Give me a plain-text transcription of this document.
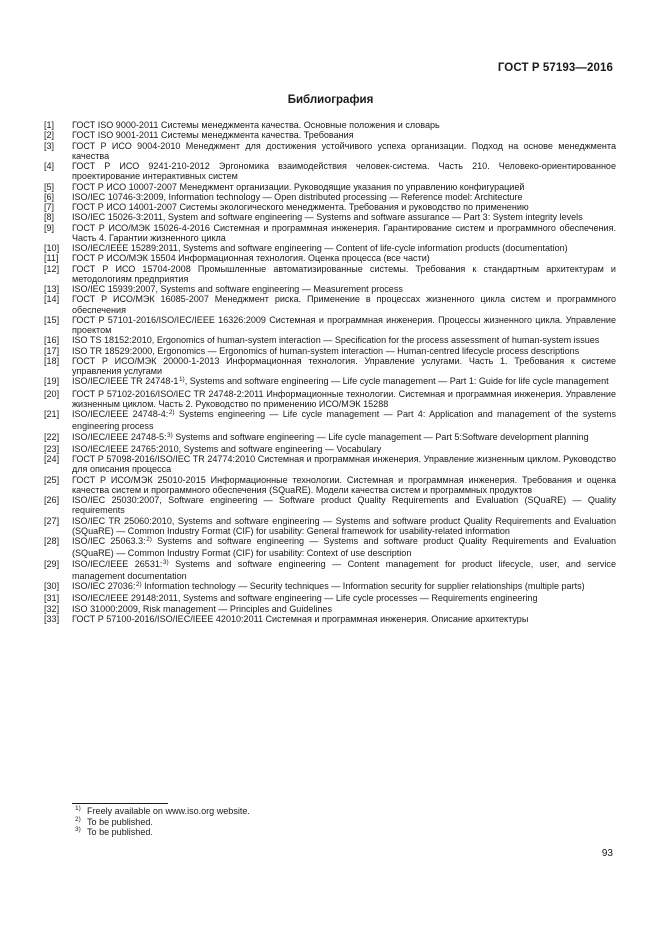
ГОСТ Р 57193—2016
Библиография
[1]	ГОСТ ISO 9000-2011 Системы менеджмента качества. Основные положения и словарь
[2]	ГОСТ ISO 9001-2011 Системы менеджмента качества. Требования
[3]	ГОСТ Р ИСО 9004-2010 Менеджмент для достижения устойчивого успеха организации. Подход на основе менеджмента качества
[4]	ГОСТ Р ИСО 9241-210-2012 Эргономика взаимодействия человек-система. Часть 210. Человеко-ориентированное проектирование интерактивных систем
[5]	ГОСТ Р ИСО 10007-2007 Менеджмент организации. Руководящие указания по управлению конфигурацией
[6]	ISO/IEC 10746-3:2009, Information technology — Open distributed processing — Reference model: Architecture
[7]	ГОСТ Р ИСО 14001-2007 Системы экологического менеджмента. Требования и руководство по применению
[8]	ISO/IEC 15026-3:2011, System and software engineering — Systems and software assurance — Part 3: System integrity levels
[9]	ГОСТ Р ИСО/МЭК 15026-4-2016 Системная и программная инженерия. Гарантирование систем и программного обеспечения. Часть 4. Гарантии жизненного цикла
[10]	ISO/IEC/IEEE 15289:2011, Systems and software engineering — Content of life-cycle information products (documentation)
[11]	ГОСТ Р ИСО/МЭК 15504 Информационная технология. Оценка процесса (все части)
[12]	ГОСТ Р ИСО 15704-2008 Промышленные автоматизированные системы. Требования к стандартным архитектурам и методологиям предприятия
[13]	ISO/IEC 15939:2007, Systems and software engineering — Measurement process
[14]	ГОСТ Р ИСО/МЭК 16085-2007 Менеджмент риска. Применение в процессах жизненного цикла систем и программного обеспечения
[15]	ГОСТ Р 57101-2016/ISO/IEC/IEEE 16326:2009 Системная и программная инженерия. Процессы жизненного цикла. Управление проектом
[16]	ISO TS 18152:2010, Ergonomics of human-system interaction — Specification for the process assessment of human-system issues
[17]	ISO TR 18529:2000, Ergonomics — Ergonomics of human-system interaction — Human-centred lifecycle process descriptions
[18]	ГОСТ Р ИСО/МЭК 20000-1-2013 Информационная технология. Управление услугами. Часть 1. Требования к системе управления услугами
[19]	ISO/IEC/IEEE TR 24748-1$^{1)}$, Systems and software engineering — Life cycle management — Part 1: Guide for life cycle management
[20]	ГОСТ Р 57102-2016/ISO/IEC TR 24748-2:2011 Информационные технологии. Системная и программная инженерия. Управление жизненным циклом. Часть 2. Руководство по применению ИСО/МЭК 15288
[21]	ISO/IEC/IEEE 24748-4:$^{2)}$ Systems engineering — Life cycle management — Part 4: Application and management of the systems engineering process
[22]	ISO/IEC/IEEE 24748-5:$^{3)}$ Systems and software engineering — Life cycle management — Part 5:Software development planning
[23]	ISO/IEC/IEEE 24765:2010, Systems and software engineering — Vocabulary
[24]	ГОСТ Р 57098-2016/ISO/IEC TR 24774:2010 Системная и программная инженерия. Управление жизненным циклом. Руководство для описания процесса
[25]	ГОСТ Р ИСО/МЭК 25010-2015 Информационные технологии. Системная и программная инженерия. Требования и оценка качества систем и программного обеспечения (SQuaRE). Модели качества систем и программных продуктов
[26]	ISO/IEC 25030:2007, Software engineering — Software product Quality Requirements and Evaluation (SQuaRE) — Quality requirements
[27]	ISO/IEC TR 25060:2010, Systems and software engineering — Systems and software product Quality Requirements and Evaluation (SQuaRE) — Common Industry Format (CIF) for usability: General framework for usability-related information
[28]	ISO/IEC 25063.3:$^{2)}$ Systems and software engineering — Systems and software product Quality Requirements and Evaluation (SQuaRE) — Common Industry Format (CIF) for usability: Context of use description
[29]	ISO/IEC/IEEE 26531:$^{3)}$ Systems and software engineering — Content management for product lifecycle, user, and service management documentation
[30]	ISO/IEC 27036:$^{2)}$ Information technology — Security techniques — Information security for supplier relationships (multiple parts)
[31]	ISO/IEC/IEEE 29148:2011, Systems and software engineering — Life cycle processes — Requirements engineering
[32]	ISO 31000:2009, Risk management — Principles and Guidelines
[33]	ГОСТ Р 57100-2016/ISO/IEC/IEEE 42010:2011 Системная и программная инженерия. Описание архитектуры
1) Freely available on www.iso.org website.
2) To be published.
3) To be published.
93
